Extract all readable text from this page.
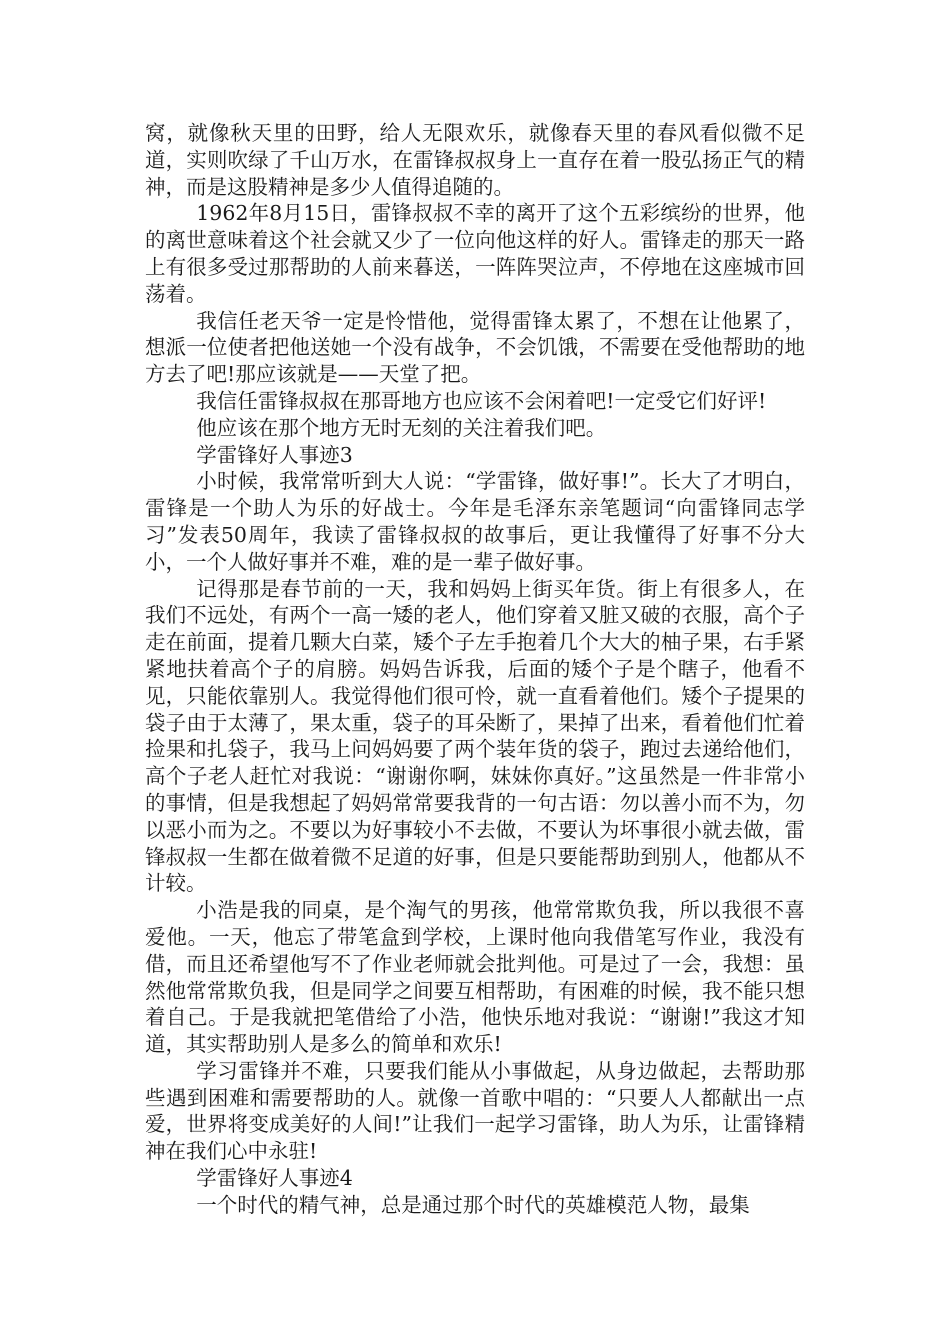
窝，就像秋天里的田野，给人无限欢乐，就像春天里的春风看似微不足道，实则吹绿了千山万水，在雷锋叔叔身上一直存在着一股弘扬正气的精神，而是这股精神是多少人值得追随的。

1962年8月15日，雷锋叔叔不幸的离开了这个五彩缤纷的世界，他的离世意味着这个社会就又少了一位向他这样的好人。雷锋走的那天一路上有很多受过那帮助的人前来暮送，一阵阵哭泣声，不停地在这座城市回荡着。

我信任老天爷一定是怜惜他，觉得雷锋太累了，不想在让他累了，想派一位使者把他送她一个没有战争，不会饥饿，不需要在受他帮助的地方去了吧!那应该就是——天堂了把。

我信任雷锋叔叔在那哥地方也应该不会闲着吧!一定受它们好评!

他应该在那个地方无时无刻的关注着我们吧。

学雷锋好人事迹3

小时候，我常常听到大人说：“学雷锋，做好事!”。长大了才明白，雷锋是一个助人为乐的好战士。今年是毛泽东亲笔题词“向雷锋同志学习”发表50周年，我读了雷锋叔叔的故事后，更让我懂得了好事不分大小，一个人做好事并不难，难的是一辈子做好事。

记得那是春节前的一天，我和妈妈上街买年货。街上有很多人，在我们不远处，有两个一高一矮的老人，他们穿着又脏又破的衣服，高个子走在前面，提着几颗大白菜，矮个子左手抱着几个大大的柚子果，右手紧紧地扶着高个子的肩膀。妈妈告诉我，后面的矮个子是个瞎子，他看不见，只能依靠别人。我觉得他们很可怜，就一直看着他们。矮个子提果的袋子由于太薄了，果太重，袋子的耳朵断了，果掉了出来，看着他们忙着捡果和扎袋子，我马上问妈妈要了两个装年货的袋子，跑过去递给他们，高个子老人赶忙对我说：“谢谢你啊，妹妹你真好。”这虽然是一件非常小的事情，但是我想起了妈妈常常要我背的一句古语：勿以善小而不为，勿以恶小而为之。不要以为好事较小不去做，不要认为坏事很小就去做，雷锋叔叔一生都在做着微不足道的好事，但是只要能帮助到别人，他都从不计较。

小浩是我的同桌，是个淘气的男孩，他常常欺负我，所以我很不喜爱他。一天，他忘了带笔盒到学校，上课时他向我借笔写作业，我没有借，而且还希望他写不了作业老师就会批判他。可是过了一会，我想：虽然他常常欺负我，但是同学之间要互相帮助，有困难的时候，我不能只想着自己。于是我就把笔借给了小浩，他快乐地对我说：“谢谢!”我这才知道，其实帮助别人是多么的简单和欢乐!

学习雷锋并不难，只要我们能从小事做起，从身边做起，去帮助那些遇到困难和需要帮助的人。就像一首歌中唱的：“只要人人都献出一点爱，世界将变成美好的人间!”让我们一起学习雷锋，助人为乐，让雷锋精神在我们心中永驻!

学雷锋好人事迹4

一个时代的精气神，总是通过那个时代的英雄模范人物，最集
